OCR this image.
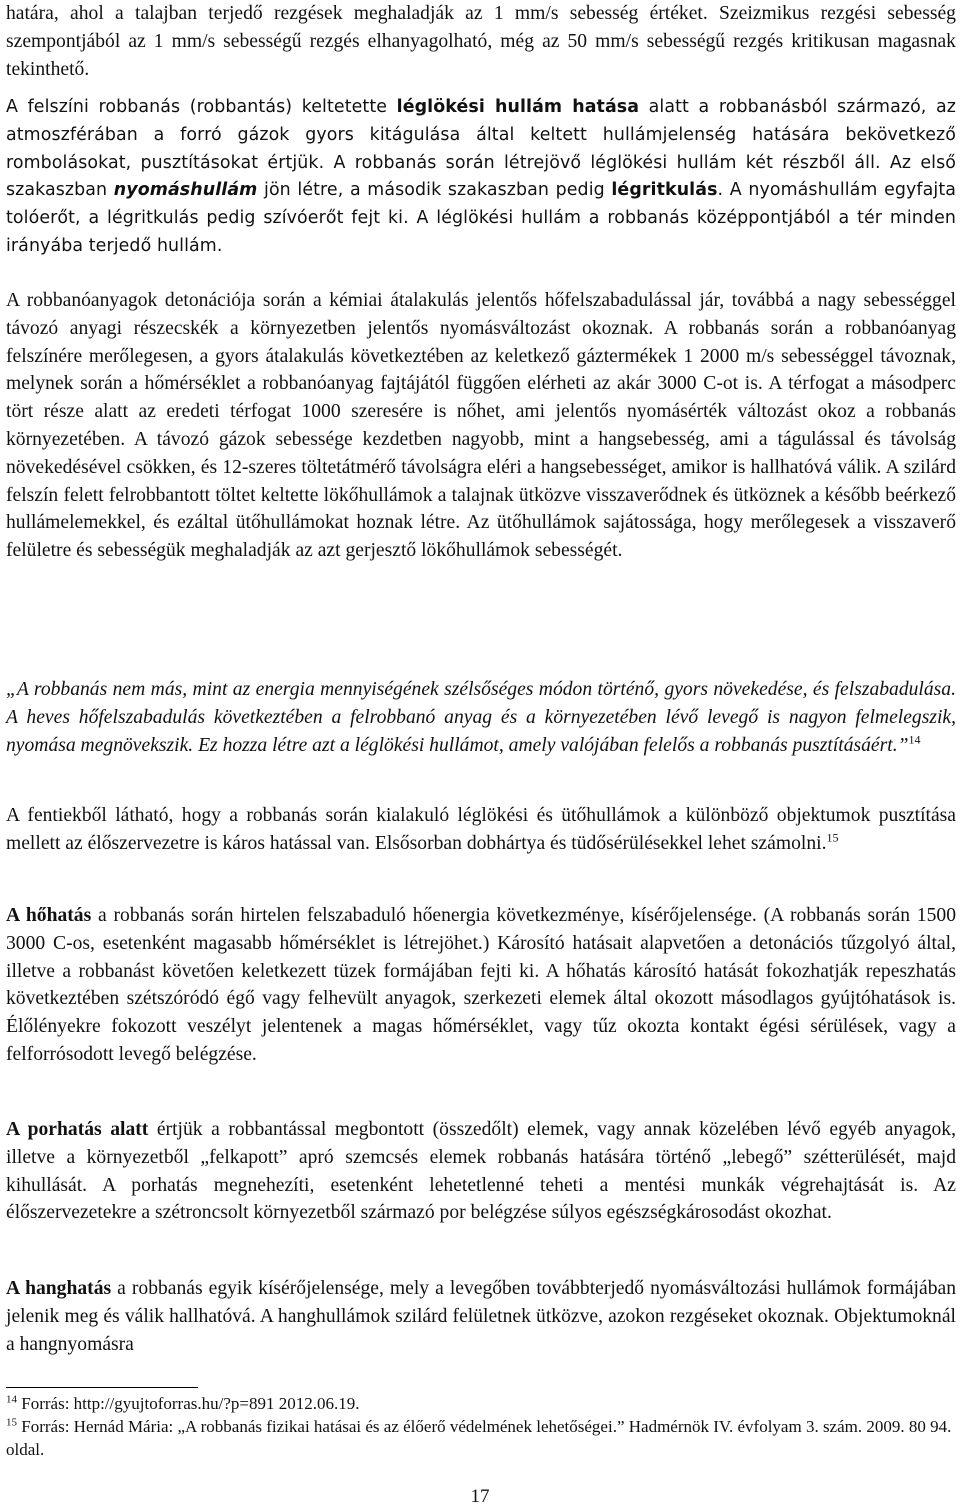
határa, ahol a talajban terjedő rezgések meghaladják az 1 mm/s sebesség értéket. Szeizmikus rezgési sebesség szempontjából az 1 mm/s sebességű rezgés elhanyagolható, még az 50 mm/s sebességű rezgés kritikusan magasnak tekinthető.

A felszíni robbanás (robbantás) keltetette léglökési hullám hatása alatt a robbanásból származó, az atmoszférában a forró gázok gyors kitágulása által keltett hullámjelenség hatására bekövetkező rombolásokat, pusztításokat értjük. A robbanás során létrejövő léglökési hullám két részből áll. Az első szakaszban nyomáshullám jön létre, a második szakaszban pedig légritkulás. A nyomáshullám egyfajta tolóerőt, a légritkulás pedig szívóerőt fejt ki. A léglökési hullám a robbanás középpontjából a tér minden irányába terjedő hullám.

A robbanóanyagok detonációja során a kémiai átalakulás jelentős hőfelszabadulással jár, továbbá a nagy sebességgel távozó anyagi részecskék a környezetben jelentős nyomásváltozást okoznak. A robbanás során a robbanóanyag felszínére merőlegesen, a gyors átalakulás következtében az keletkező gáztermékek 1 2000 m/s sebességgel távoznak, melynek során a hőmérséklet a robbanóanyag fajtájától függően elérheti az akár 3000 C-ot is. A térfogat a másodperc tört része alatt az eredeti térfogat 1000 szeresére is nőhet, ami jelentős nyomásérték változást okoz a robbanás környezetében. A távozó gázok sebessége kezdetben nagyobb, mint a hangsebesség, ami a tágulással és távolság növekedésével csökken, és 12-szeres töltetátmérő távolságra eléri a hangsebességet, amikor is hallhatóvá válik. A szilárd felszín felett felrobbantott töltet keltette lökőhullámok a talajnak ütközve visszaverődnek és ütköznek a később beérkező hullámelemekkel, és ezáltal ütőhullámokat hoznak létre. Az ütőhullámok sajátossága, hogy merőlegesek a visszaverő felületre és sebességük meghaladják az azt gerjesztő lökőhullámok sebességét.

„A robbanás nem más, mint az energia mennyiségének szélsőséges módon történő, gyors növekedése, és felszabadulása. A heves hőfelszabadulás következtében a felrobbanó anyag és a környezetében lévő levegő is nagyon felmelegszik, nyomása megnövekszik. Ez hozza létre azt a léglökési hullámot, amely valójában felelős a robbanás pusztításáért.”$^{14}$

A fentiekből látható, hogy a robbanás során kialakuló léglökési és ütőhullámok a különböző objektumok pusztítása mellett az élőszervezetre is káros hatással van. Elsősorban dobhártya és tüdősérülésekkel lehet számolni.$^{15}$

A hőhatás a robbanás során hirtelen felszabaduló hőenergia következménye, kísérőjelensége. (A robbanás során 1500 3000 C-os, esetenként magasabb hőmérséklet is létrejöhet.) Károsító hatásait alapvetően a detonációs tűzgolyó által, illetve a robbanást követően keletkezett tüzek formájában fejti ki. A hőhatás károsító hatását fokozhatják repeszhatás következtében szétszóródó égő vagy felhevült anyagok, szerkezeti elemek által okozott másodlagos gyújtóhatások is. Élőlényekre fokozott veszélyt jelentenek a magas hőmérséklet, vagy tűz okozta kontakt égési sérülések, vagy a felforrósodott levegő belégzése.

A porhatás alatt értjük a robbantással megbontott (összedőlt) elemek, vagy annak közelében lévő egyéb anyagok, illetve a környezetből „felkapott” apró szemcsés elemek robbanás hatására történő „lebegő” szétterülését, majd kihullását. A porhatás megnehezíti, esetenként lehetetlenné teheti a mentési munkák végrehajtását is. Az élőszervezetekre a szétroncsolt környezetből származó por belégzése súlyos egészségkárosodást okozhat.

A hanghatás a robbanás egyik kísérőjelensége, mely a levegőben továbbterjedő nyomásváltozási hullámok formájában jelenik meg és válik hallhatóvá. A hanghullámok szilárd felületnek ütközve, azokon rezgéseket okoznak. Objektumoknál a hangnyomásra

$^{14}$ Forrás: http://gyujtoforras.hu/?p=891 2012.06.19.

$^{15}$ Forrás: Hernád Mária: „A robbanás fizikai hatásai és az élőerő védelmének lehetőségei.” Hadmérnök IV. évfolyam 3. szám. 2009. 80 94. oldal.

17
